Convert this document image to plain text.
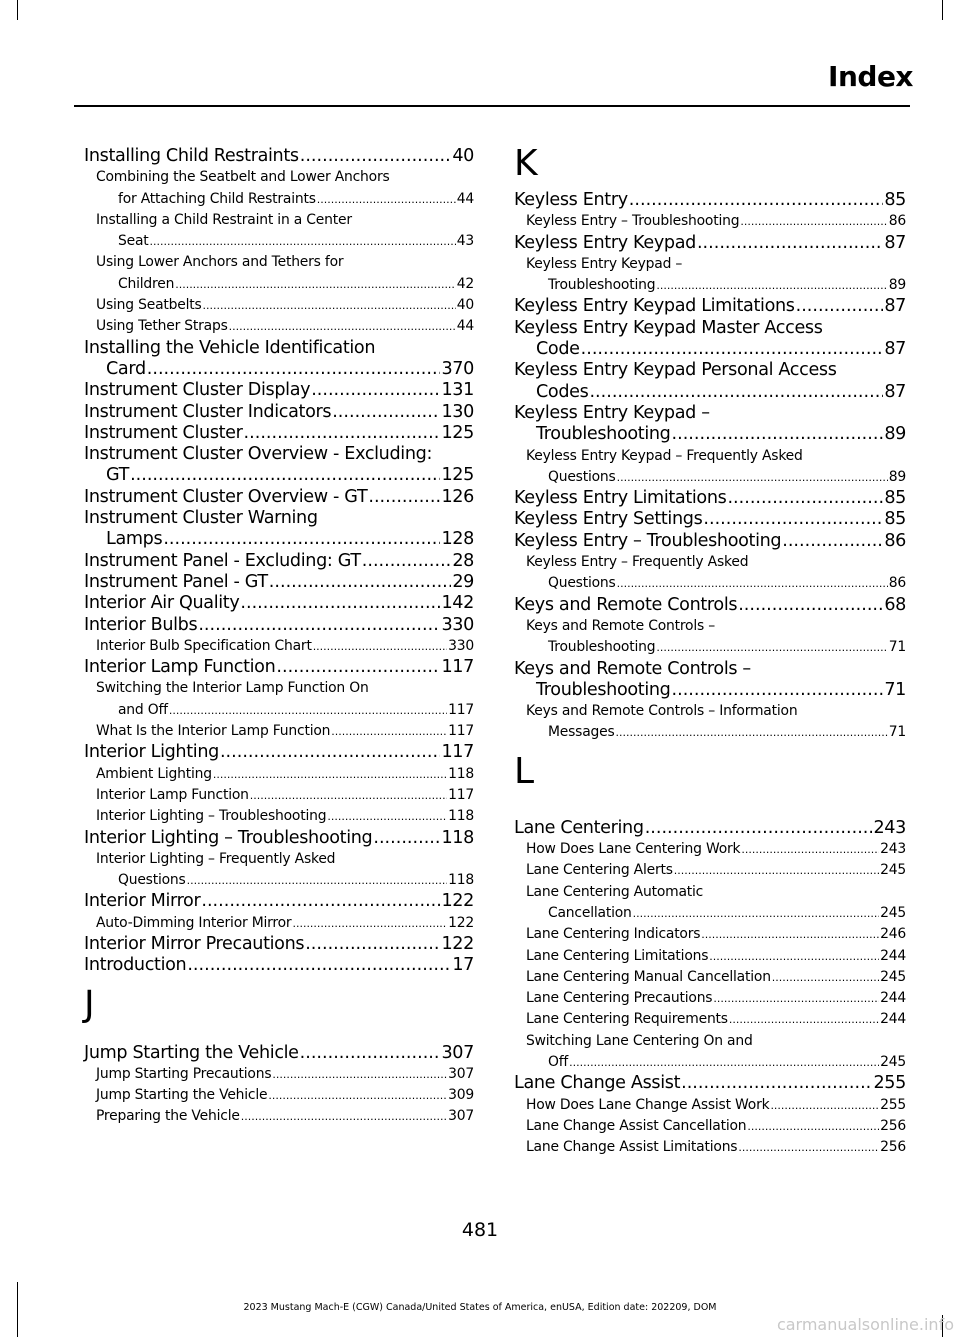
Index
Installing Child Restraints .....	40
Combining the Seatbelt and Lower Anchors
for Attaching Child Restraints .....	44
Installing a Child Restraint in a Center
Seat .....	43
Using Lower Anchors and Tethers for
Children .....	42
Using Seatbelts .....	40
Using Tether Straps .....	44
Installing the Vehicle Identification
Card .....	370
Instrument Cluster Display .....	131
Instrument Cluster Indicators .....	130
Instrument Cluster .....	125
Instrument Cluster Overview - Excluding:
GT .....	125
Instrument Cluster Overview - GT .....	126
Instrument Cluster Warning
Lamps .....	128
Instrument Panel - Excluding: GT .....	28
Instrument Panel - GT .....	29
Interior Air Quality .....	142
Interior Bulbs .....	330
Interior Bulb Specification Chart .....	330
Interior Lamp Function .....	117
Switching the Interior Lamp Function On
and Off .....	117
What Is the Interior Lamp Function .....	117
Interior Lighting .....	117
Ambient Lighting .....	118
Interior Lamp Function .....	117
Interior Lighting – Troubleshooting .....	118
Interior Lighting – Troubleshooting .....	118
Interior Lighting – Frequently Asked
Questions .....	118
Interior Mirror .....	122
Auto-Dimming Interior Mirror .....	122
Interior Mirror Precautions .....	122
Introduction .....	17
J
Jump Starting the Vehicle .....	307
Jump Starting Precautions .....	307
Jump Starting the Vehicle .....	309
Preparing the Vehicle .....	307
K
Keyless Entry .....	85
Keyless Entry – Troubleshooting .....	86
Keyless Entry Keypad .....	87
Keyless Entry Keypad –
Troubleshooting .....	89
Keyless Entry Keypad Limitations .....	87
Keyless Entry Keypad Master Access
Code .....	87
Keyless Entry Keypad Personal Access
Codes .....	87
Keyless Entry Keypad –
Troubleshooting .....	89
Keyless Entry Keypad – Frequently Asked
Questions .....	89
Keyless Entry Limitations .....	85
Keyless Entry Settings .....	85
Keyless Entry – Troubleshooting .....	86
Keyless Entry – Frequently Asked
Questions .....	86
Keys and Remote Controls .....	68
Keys and Remote Controls –
Troubleshooting .....	71
Keys and Remote Controls –
Troubleshooting .....	71
Keys and Remote Controls – Information
Messages .....	71
L
Lane Centering .....	243
How Does Lane Centering Work .....	243
Lane Centering Alerts .....	245
Lane Centering Automatic
Cancellation .....	245
Lane Centering Indicators .....	246
Lane Centering Limitations .....	244
Lane Centering Manual Cancellation .....	245
Lane Centering Precautions .....	244
Lane Centering Requirements .....	244
Switching Lane Centering On and
Off .....	245
Lane Change Assist .....	255
How Does Lane Change Assist Work .....	255
Lane Change Assist Cancellation .....	256
Lane Change Assist Limitations .....	256
481
2023 Mustang Mach-E (CGW) Canada/United States of America, enUSA, Edition date: 202209, DOM
carmanualsonline.info
